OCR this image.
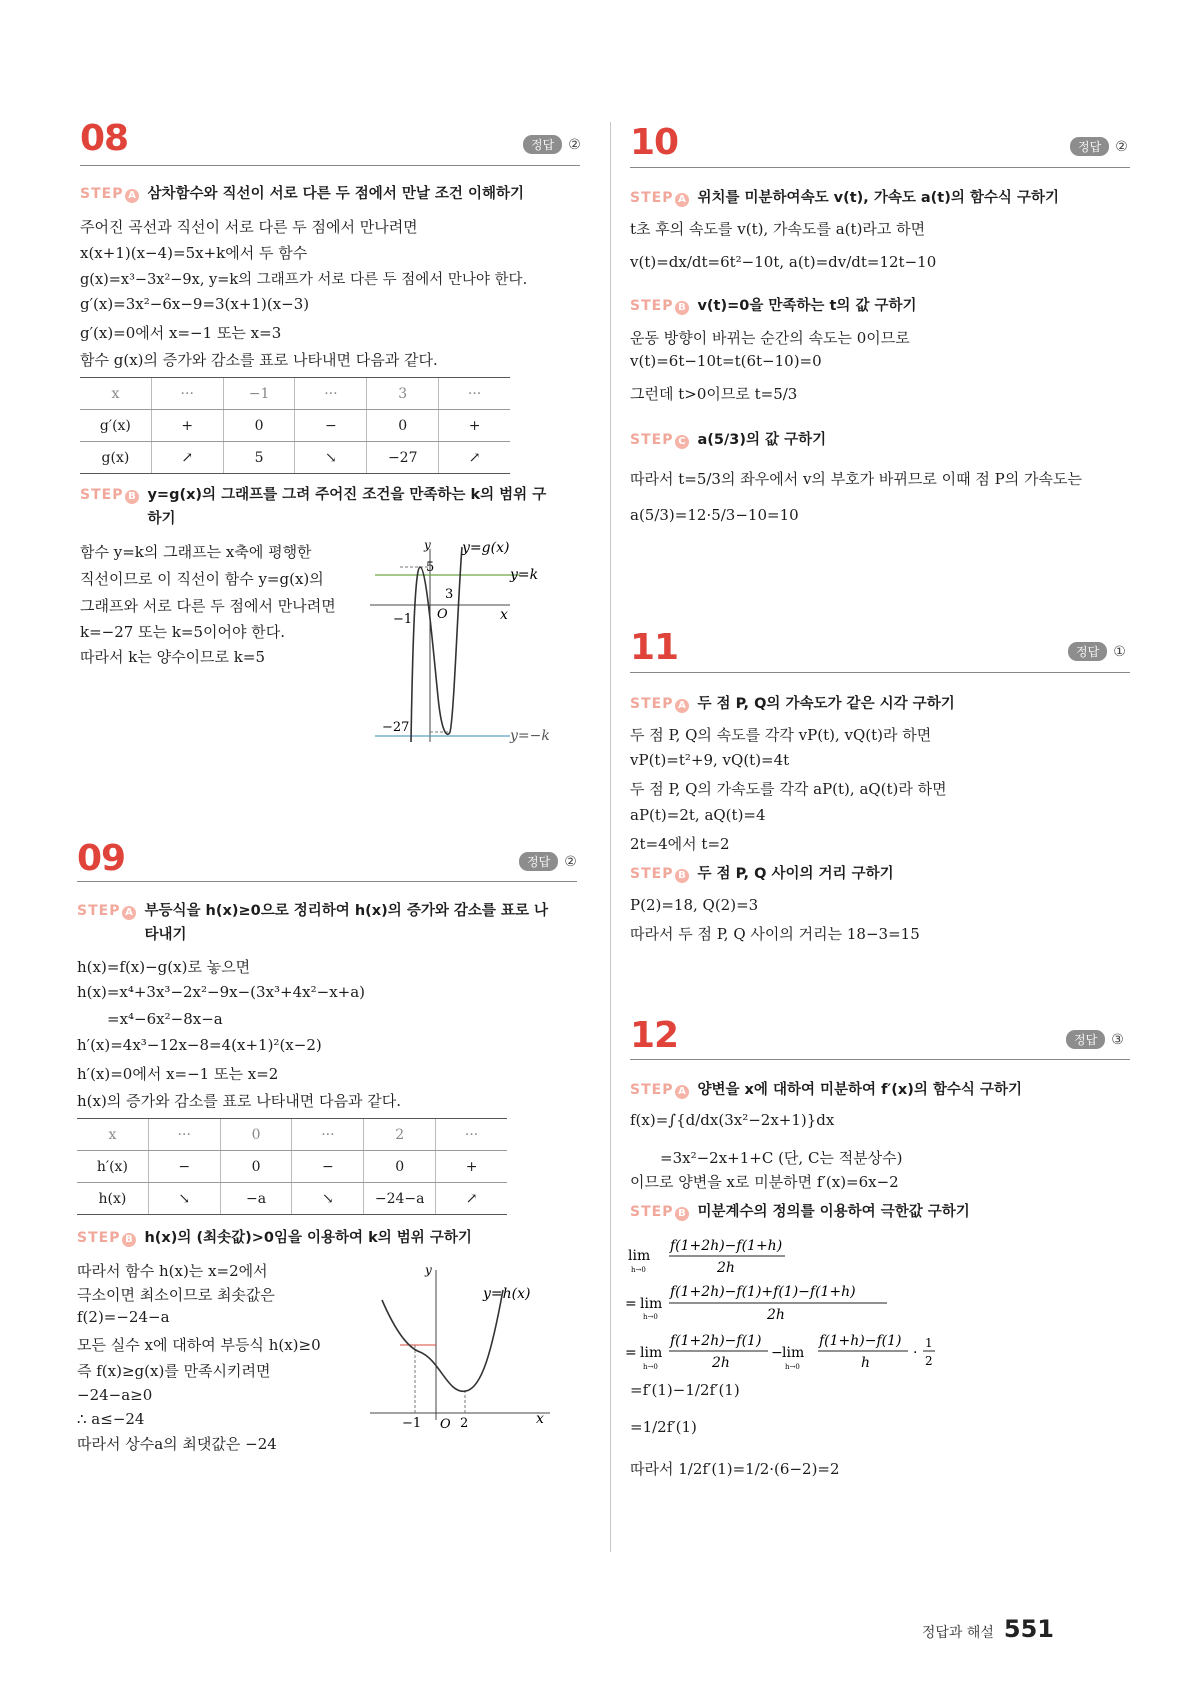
08	정답	②
STEP A 삼차함수와 직선이 서로 다른 두 점에서 만날 조건 이해하기
주어진 곡선과 직선이 서로 다른 두 점에서 만나려면
x(x+1)(x−4)=5x+k에서 두 함수
g(x)=x³−3x²−9x, y=k의 그래프가 서로 다른 두 점에서 만나야 한다.
g′(x)=3x²−6x−9=3(x+1)(x−3)
g′(x)=0에서 x=−1 또는 x=3
함수 g(x)의 증가와 감소를 표로 나타내면 다음과 같다.
x	···	−1	···	3	···
g′(x)	+	0	−	0	+
g(x)	↗	5	↘	−27	↗
STEP B y=g(x)의 그래프를 그려 주어진 조건을 만족하는 k의 범위 구하기
함수 y=k의 그래프는 x축에 평행한
직선이므로 이 직선이 함수 y=g(x)의
그래프와 서로 다른 두 점에서 만나려면
k=−27 또는 k=5이어야 한다.
따라서 k는 양수이므로 k=5
y
x
O
y=g(x)
y=k
y=−k
5
3
−1
−27
09	정답	②
STEP A 부등식을 h(x)≥0으로 정리하여 h(x)의 증가와 감소를 표로 나타내기
h(x)=f(x)−g(x)로 놓으면
h(x)=x⁴+3x³−2x²−9x−(3x³+4x²−x+a)
=x⁴−6x²−8x−a
h′(x)=4x³−12x−8=4(x+1)²(x−2)
h′(x)=0에서 x=−1 또는 x=2
h(x)의 증가와 감소를 표로 나타내면 다음과 같다.
x	···	0	···	2	···
h′(x)	−	0	−	0	+
h(x)	↘	−a	↘	−24−a	↗
STEP B h(x)의 (최솟값)>0임을 이용하여 k의 범위 구하기
따라서 함수 h(x)는 x=2에서
극소이면 최소이므로 최솟값은
f(2)=−24−a
모든 실수 x에 대하여 부등식 h(x)≥0
즉 f(x)≥g(x)를 만족시키려면
−24−a≥0
∴ a≤−24
따라서 상수a의 최댓값은 −24
y
x
O
y=h(x)
−1	2
10	정답	②
STEP A 위치를 미분하여속도 v(t), 가속도 a(t)의 함수식 구하기
t초 후의 속도를 v(t), 가속도를 a(t)라고 하면
v(t)=dx/dt=6t²−10t, a(t)=dv/dt=12t−10
STEP B v(t)=0을 만족하는 t의 값 구하기
운동 방향이 바뀌는 순간의 속도는 0이므로
v(t)=6t−10t=t(6t−10)=0
그런데 t>0이므로 t=5/3
STEP C a(5/3)의 값 구하기
따라서 t=5/3의 좌우에서 v의 부호가 바뀌므로 이때 점 P의 가속도는
a(5/3)=12·5/3−10=10
11	정답	①
STEP A 두 점 P, Q의 가속도가 같은 시각 구하기
두 점 P, Q의 속도를 각각 vP(t), vQ(t)라 하면
vP(t)=t²+9, vQ(t)=4t
두 점 P, Q의 가속도를 각각 aP(t), aQ(t)라 하면
aP(t)=2t, aQ(t)=4
2t=4에서 t=2
STEP B 두 점 P, Q 사이의 거리 구하기
P(2)=18, Q(2)=3
따라서 두 점 P, Q 사이의 거리는 18−3=15
12	정답	③
STEP A 양변을 x에 대하여 미분하여 f′(x)의 함수식 구하기
f(x)=∫{d/dx(3x²−2x+1)}dx
=3x²−2x+1+C (단, C는 적분상수)
이므로 양변을 x로 미분하면 f′(x)=6x−2
STEP B 미분계수의 정의를 이용하여 극한값 구하기
lim
h→0
f(1+2h)−f(1+h)
2h
= lim
h→0
f(1+2h)−f(1)+f(1)−f(1+h)
2h
= lim
h→0
f(1+2h)−f(1)
2h
− lim
h→0
f(1+h)−f(1)
h
·
1
2
=f′(1)−1/2f′(1)
=1/2f′(1)
따라서 1/2f′(1)=1/2·(6−2)=2
정답과 해설 551
